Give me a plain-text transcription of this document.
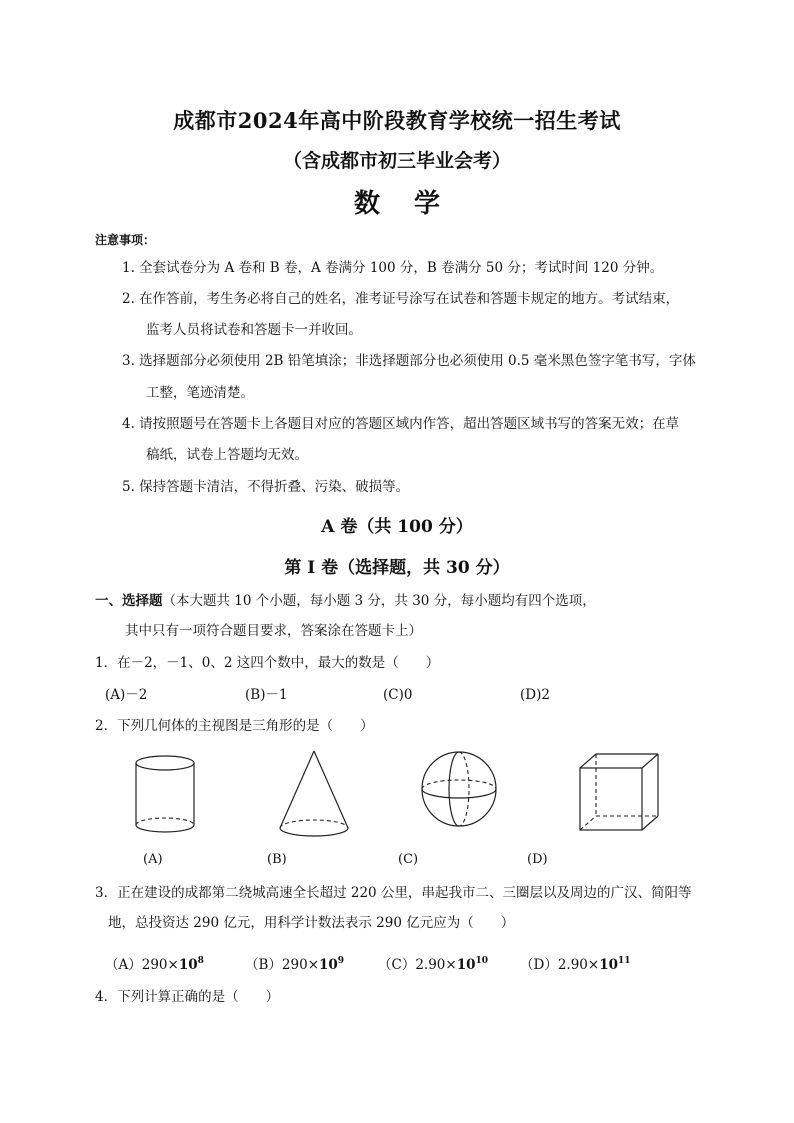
成都市2024年高中阶段教育学校统一招生考试
（含成都市初三毕业会考）
数学
注意事项：
1. 全套试卷分为 A 卷和 B 卷，A 卷满分 100 分，B 卷满分 50 分；考试时间 120 分钟。
2. 在作答前，考生务必将自己的姓名，准考证号涂写在试卷和答题卡规定的地方。考试结束，
监考人员将试卷和答题卡一并收回。
3. 选择题部分必须使用 2B 铅笔填涂；非选择题部分也必须使用 0.5 毫米黑色签字笔书写，字体
工整，笔迹清楚。
4. 请按照题号在答题卡上各题目对应的答题区域内作答，超出答题区域书写的答案无效；在草
稿纸，试卷上答题均无效。
5. 保持答题卡清洁，不得折叠、污染、破损等。
A 卷（共 100 分）
第 I 卷（选择题，共 30 分）
一、选择题（本大题共 10 个小题，每小题 3 分，共 30 分，每小题均有四个选项，
其中只有一项符合题目要求，答案涂在答题卡上）
1．在－2，－1、0、2 这四个数中，最大的数是（　　）
(A)－2	(B)－1	(C)0	(D)2
2．下列几何体的主视图是三角形的是（　　）
(A)	(B)	(C)	(D)
3．正在建设的成都第二绕城高速全长超过 220 公里，串起我市二、三圈层以及周边的广汉、简阳等
地，总投资达 290 亿元，用科学计数法表示 290 亿元应为（　　）
$(A)290\times 10^8$	$(B)290\times 10^9$	$(C)2.90\times 10^{10}$ $(D)2.90\times 10^{11}$
4．下列计算正确的是（　　）
